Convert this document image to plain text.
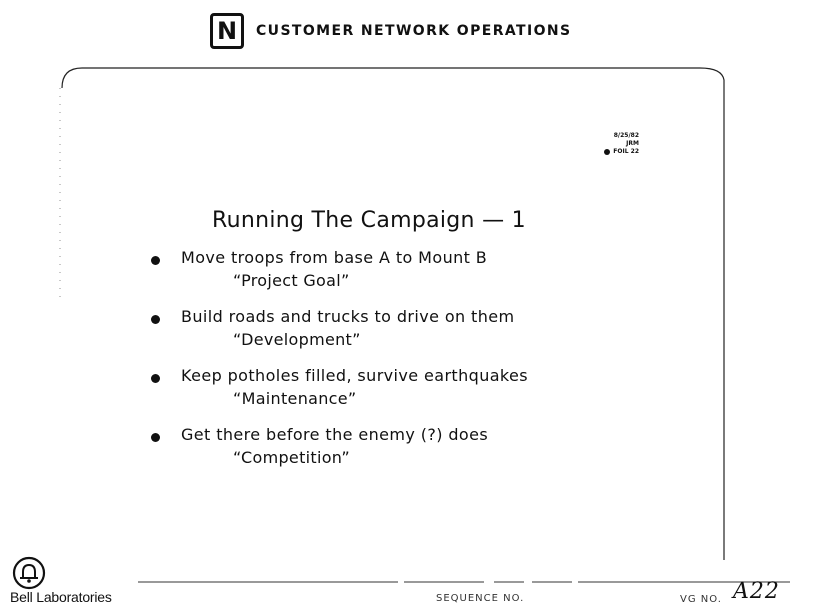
N CUSTOMER NETWORK OPERATIONS
8/25/82
JRM
FOIL 22
Running The Campaign — 1
Move troops from base A to Mount B
“Project Goal”
Build roads and trucks to drive on them
“Development”
Keep potholes filled, survive earthquakes
“Maintenance”
Get there before the enemy (?) does
“Competition”
Bell Laboratories	SEQUENCE NO.	VG NO. A22
